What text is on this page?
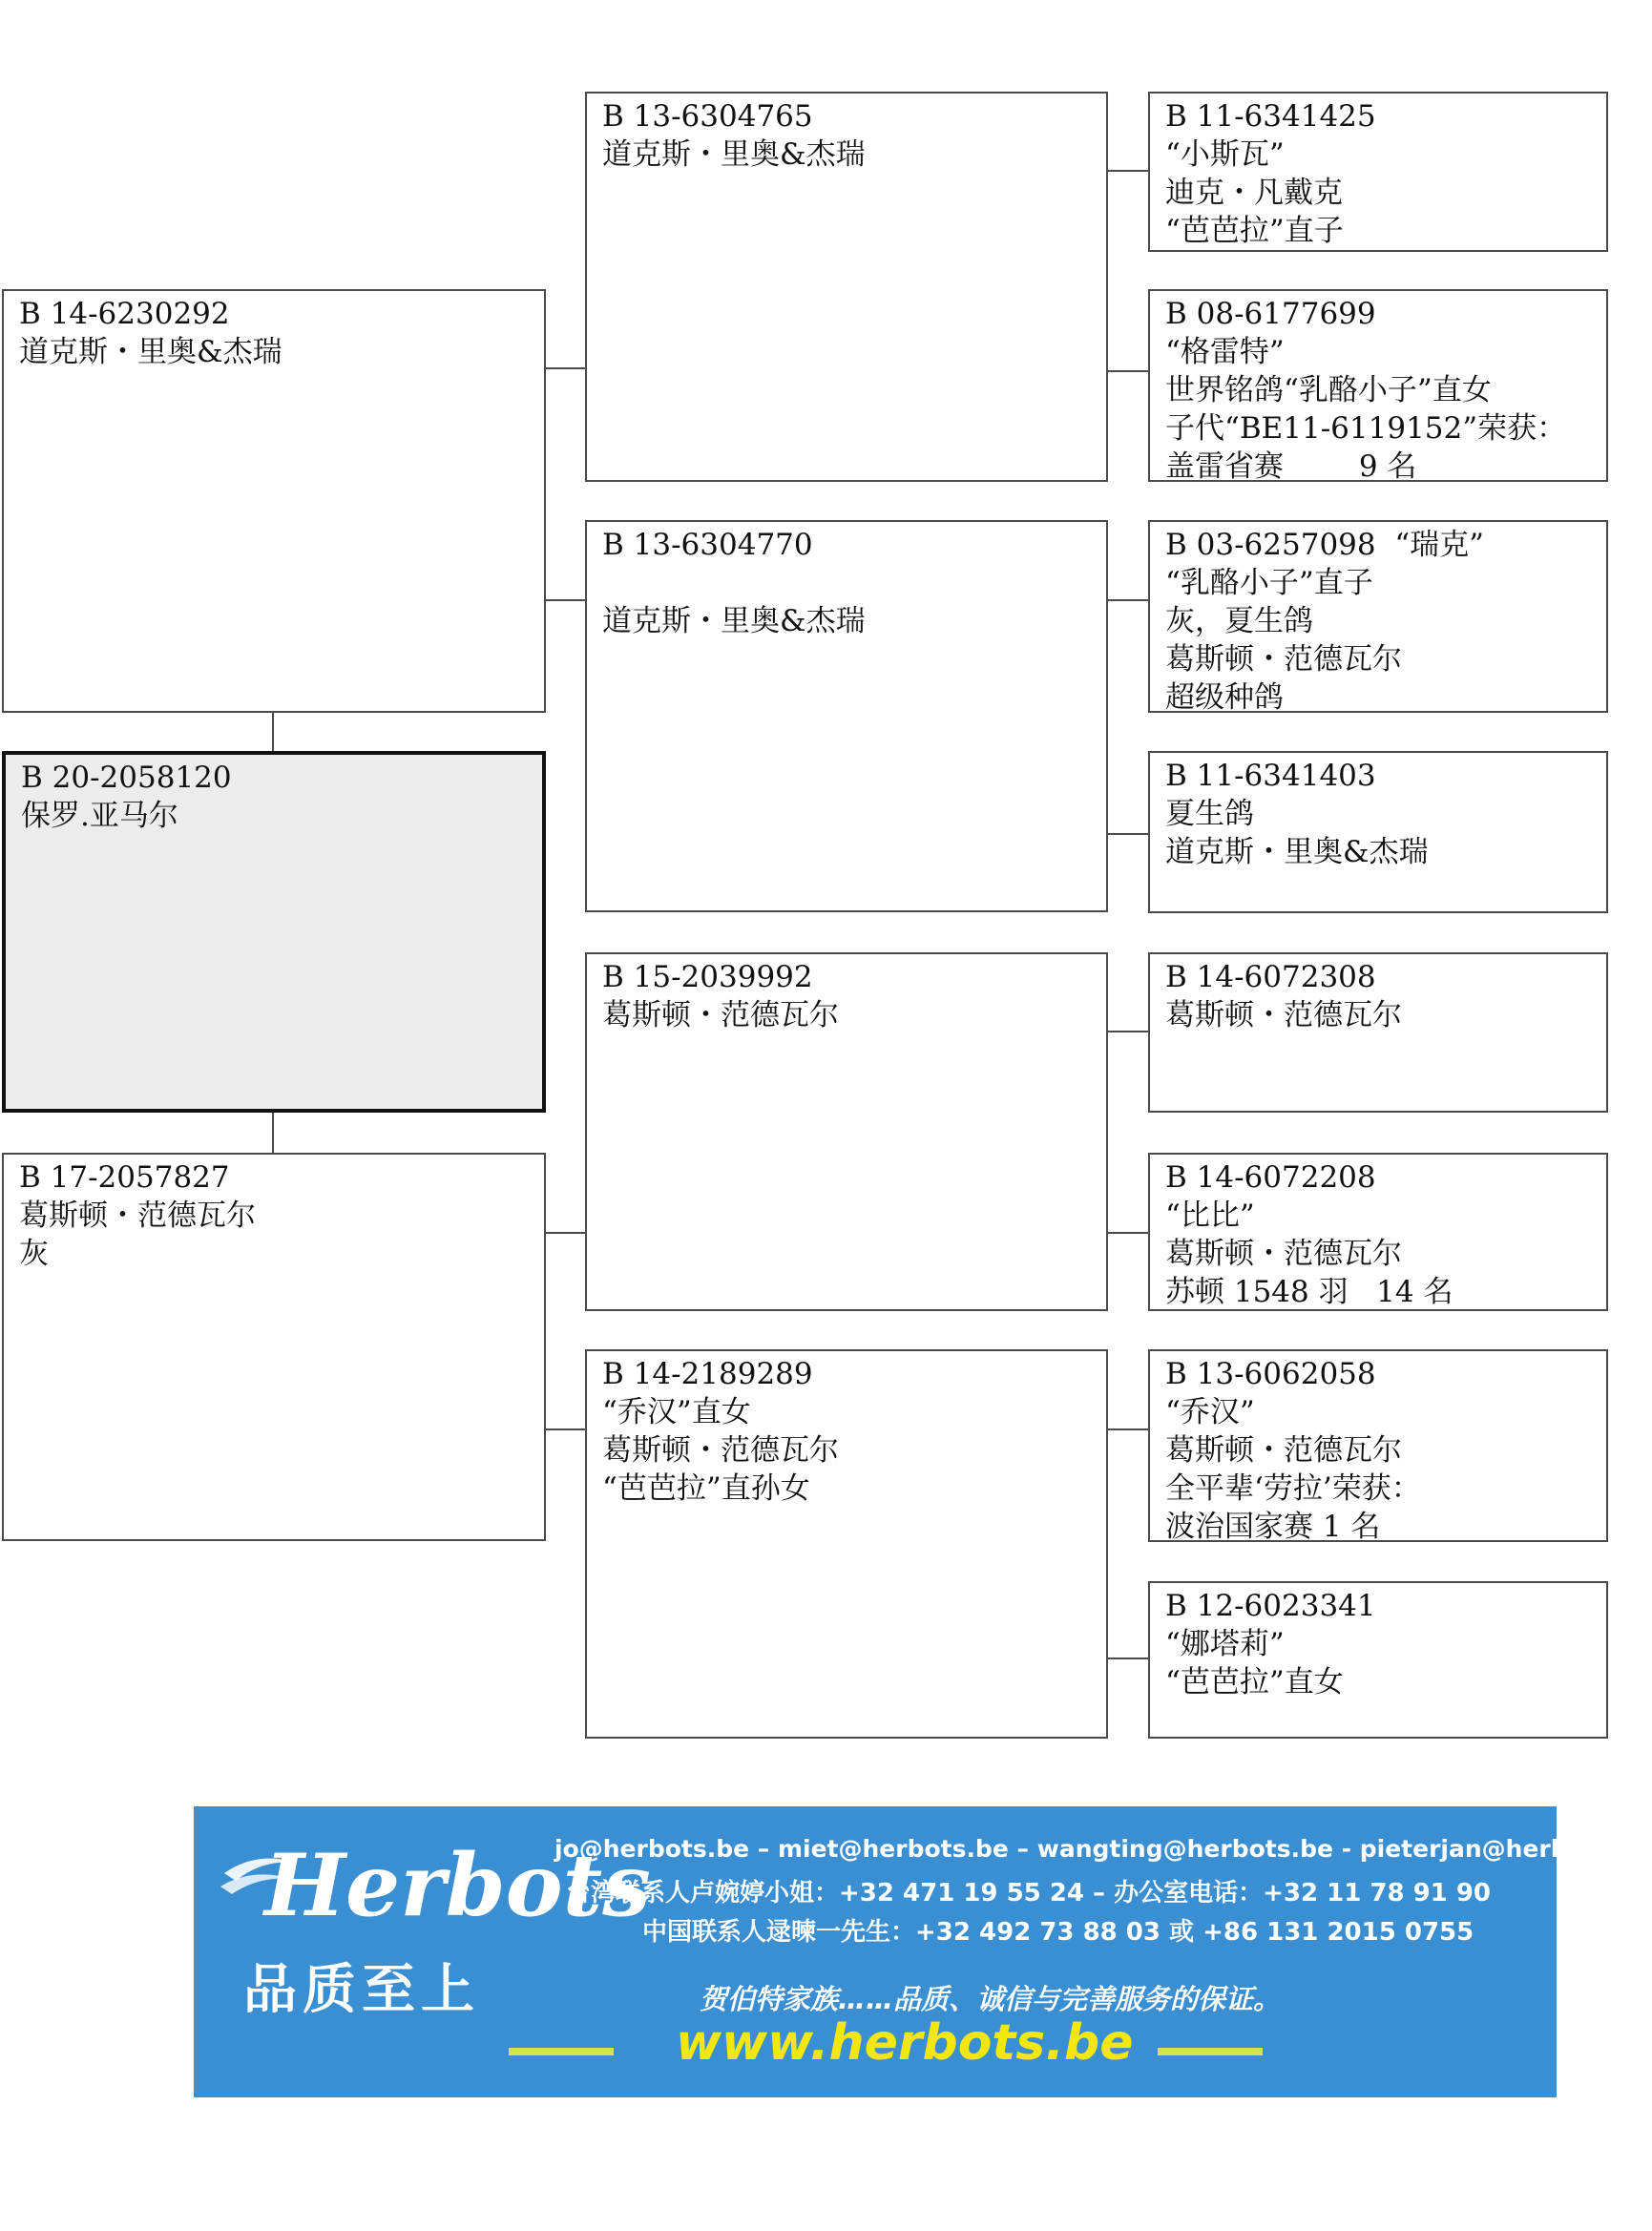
B 14-6230292
道克斯・里奥&杰瑞
B 20-2058120
保罗.亚马尔
B 17-2057827
葛斯顿・范德瓦尔
灰
B 13-6304765
道克斯・里奥&杰瑞
B 13-6304770

道克斯・里奥&杰瑞
B 15-2039992
葛斯顿・范德瓦尔
B 14-2189289
“乔汉”直女
葛斯顿・范德瓦尔
“芭芭拉”直孙女
B 11-6341425
“小斯瓦”
迪克・凡戴克
“芭芭拉”直子
B 08-6177699
“格雷特”
世界铭鸽“乳酪小子”直女
子代“BE11-6119152”荣获：
盖雷省赛        9 名
B 03-6257098  “瑞克”
“乳酪小子”直子
灰，夏生鸽
葛斯顿・范德瓦尔
超级种鸽
B 11-6341403
夏生鸽
道克斯・里奥&杰瑞
B 14-6072308
葛斯顿・范德瓦尔
B 14-6072208
“比比”
葛斯顿・范德瓦尔
苏顿 1548 羽   14 名
B 13-6062058
“乔汉”
葛斯顿・范德瓦尔
全平辈‘劳拉’荣获：
波治国家赛 1 名
B 12-6023341
“娜塔莉”
“芭芭拉”直女
Herbots
品质至上
jo@herbots.be – miet@herbots.be – wangting@herbots.be - pieterjan@herbots.be
台湾联系人卢婉婷小姐：+32 471 19 55 24 – 办公室电话：+32 11 78 91 90
中国联系人逯暕一先生：+32 492 73 88 03 或 +86 131 2015 0755
贺伯特家族……品质、诚信与完善服务的保证。
www.herbots.be
